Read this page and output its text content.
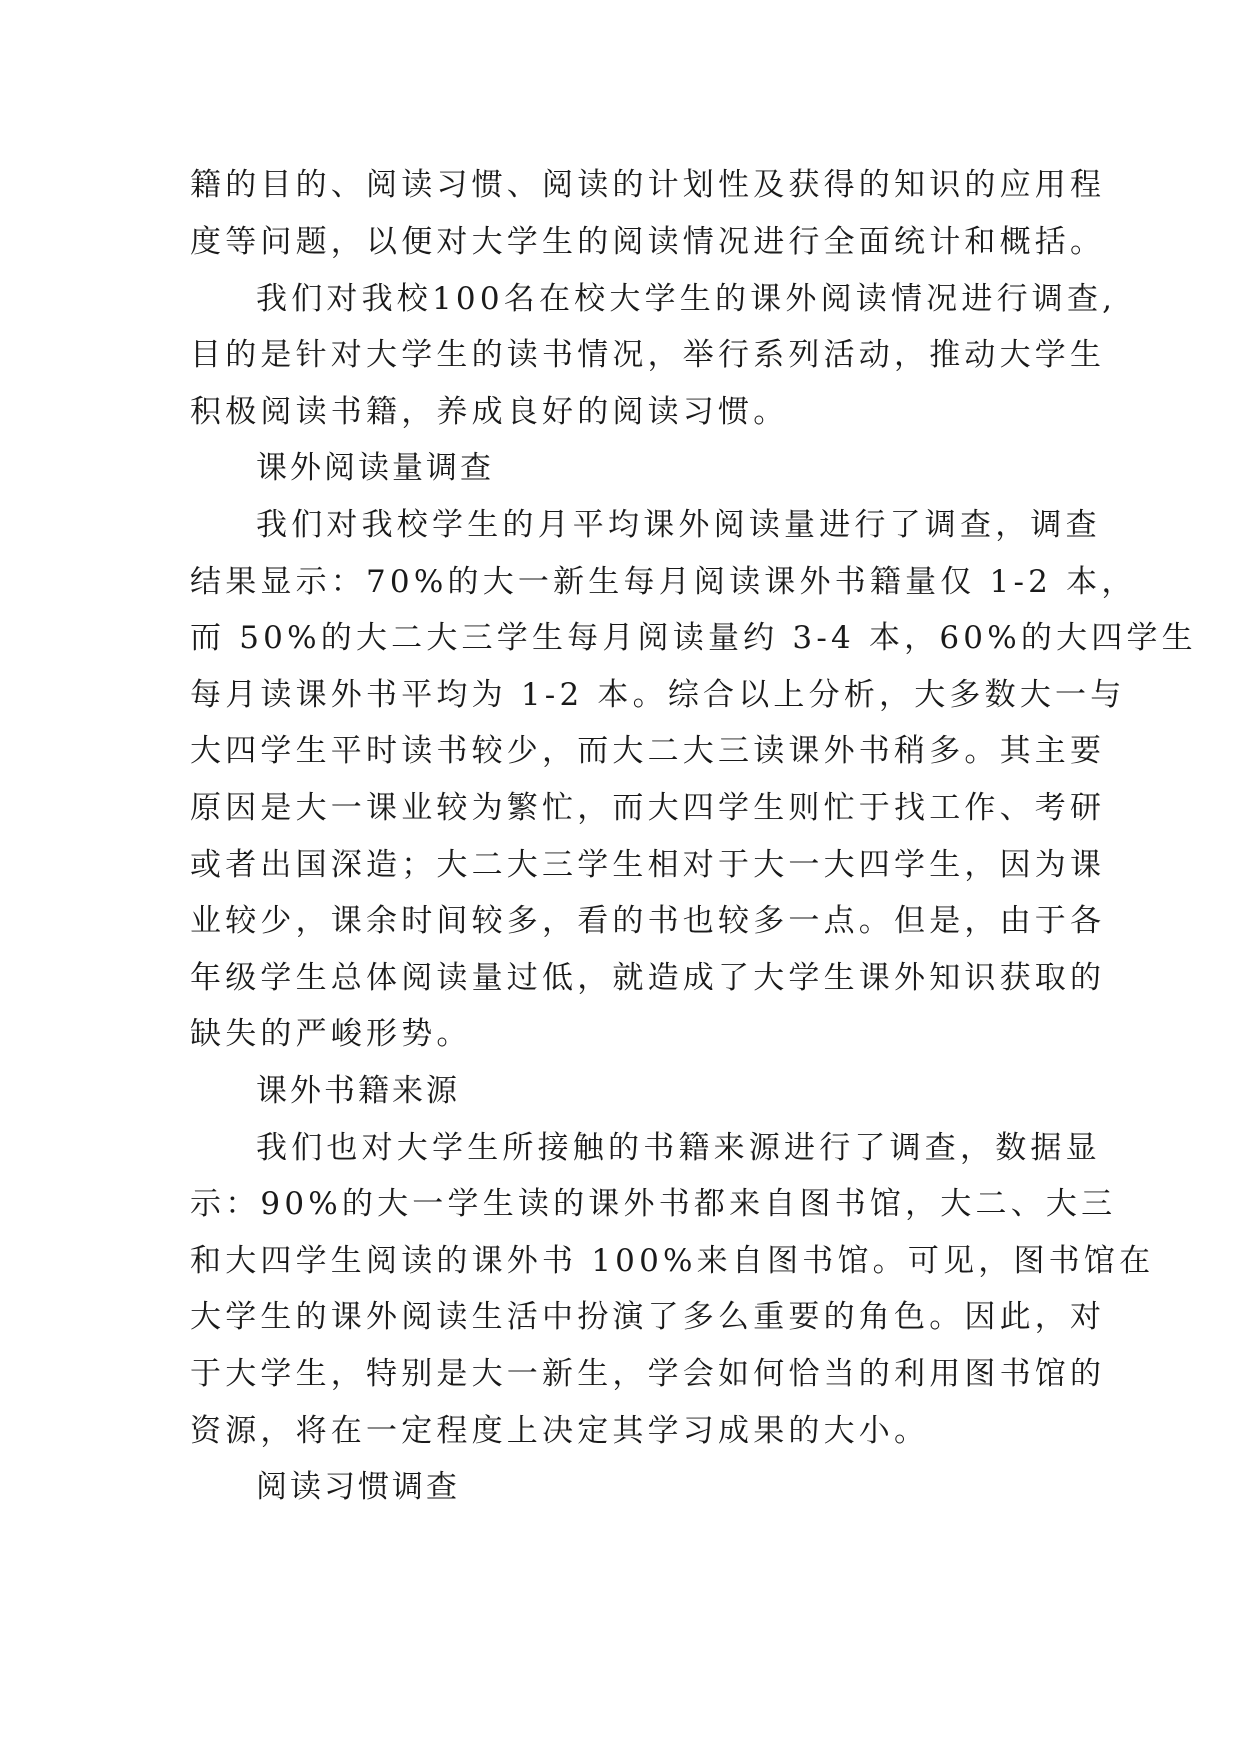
籍的目的、阅读习惯、阅读的计划性及获得的知识的应用程
度等问题，以便对大学生的阅读情况进行全面统计和概括。
我们对我校100名在校大学生的课外阅读情况进行调查,
目的是针对大学生的读书情况，举行系列活动，推动大学生
积极阅读书籍，养成良好的阅读习惯。
课外阅读量调查
我们对我校学生的月平均课外阅读量进行了调查，调查
结果显示：70%的大一新生每月阅读课外书籍量仅 1-2 本，
而 50%的大二大三学生每月阅读量约 3-4 本，60%的大四学生
每月读课外书平均为 1-2 本。综合以上分析，大多数大一与
大四学生平时读书较少，而大二大三读课外书稍多。其主要
原因是大一课业较为繁忙，而大四学生则忙于找工作、考研
或者出国深造；大二大三学生相对于大一大四学生，因为课
业较少，课余时间较多，看的书也较多一点。但是，由于各
年级学生总体阅读量过低，就造成了大学生课外知识获取的
缺失的严峻形势。
课外书籍来源
我们也对大学生所接触的书籍来源进行了调查，数据显
示：90%的大一学生读的课外书都来自图书馆，大二、大三
和大四学生阅读的课外书 100%来自图书馆。可见，图书馆在
大学生的课外阅读生活中扮演了多么重要的角色。因此，对
于大学生，特别是大一新生，学会如何恰当的利用图书馆的
资源，将在一定程度上决定其学习成果的大小。
阅读习惯调查
